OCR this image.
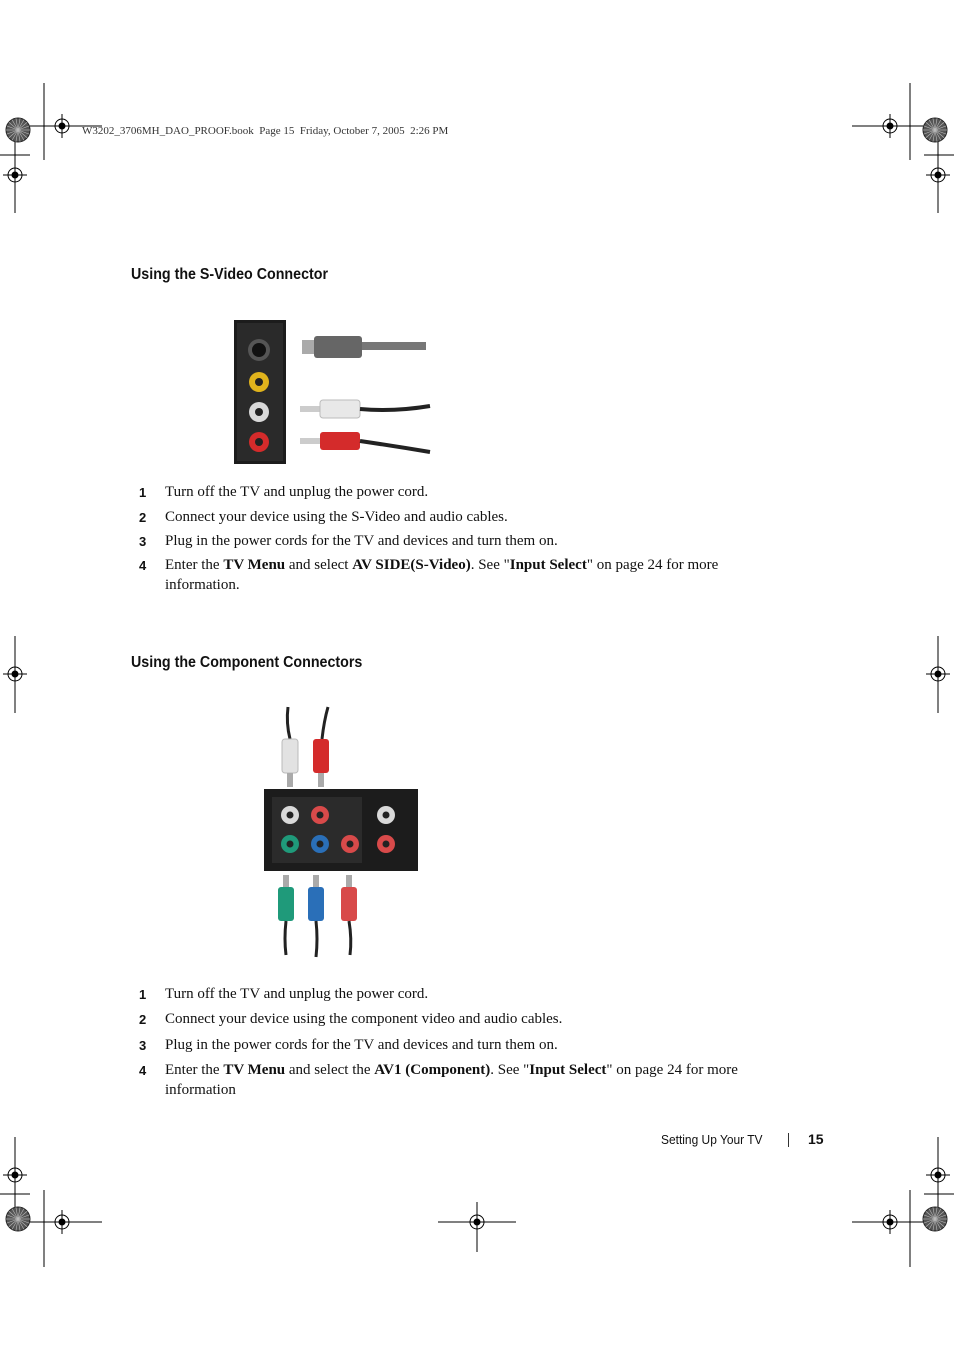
W3202_3706MH_DAO_PROOF.book  Page 15  Friday, October 7, 2005  2:26 PM
Using the S-Video Connector
1 Turn off the TV and unplug the power cord.
2 Connect your device using the S-Video and audio cables.
3 Plug in the power cords for the TV and devices and turn them on.
4 Enter the TV Menu and select AV SIDE(S-Video). See "Input Select" on page 24 for more information.
Using the Component Connectors
1 Turn off the TV and unplug the power cord.
2 Connect your device using the component video and audio cables.
3 Plug in the power cords for the TV and devices and turn them on.
4 Enter the TV Menu and select the AV1 (Component). See "Input Select" on page 24 for more information
Setting Up Your TV	15
